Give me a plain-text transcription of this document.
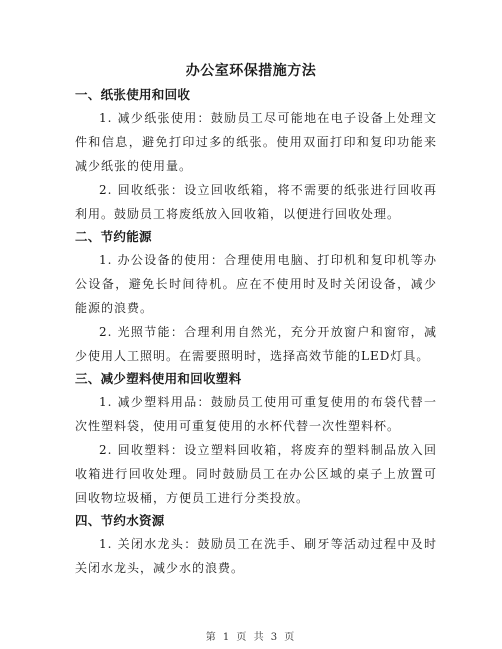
办公室环保措施方法

一、纸张使用和回收

1. 减少纸张使用：鼓励员工尽可能地在电子设备上处理文件和信息，避免打印过多的纸张。使用双面打印和复印功能来减少纸张的使用量。

2. 回收纸张：设立回收纸箱，将不需要的纸张进行回收再利用。鼓励员工将废纸放入回收箱，以便进行回收处理。

二、节约能源

1. 办公设备的使用：合理使用电脑、打印机和复印机等办公设备，避免长时间待机。应在不使用时及时关闭设备，减少能源的浪费。

2. 光照节能：合理利用自然光，充分开放窗户和窗帘，减少使用人工照明。在需要照明时，选择高效节能的LED灯具。

三、减少塑料使用和回收塑料

1. 减少塑料用品：鼓励员工使用可重复使用的布袋代替一次性塑料袋，使用可重复使用的水杯代替一次性塑料杯。

2. 回收塑料：设立塑料回收箱，将废弃的塑料制品放入回收箱进行回收处理。同时鼓励员工在办公区域的桌子上放置可回收物垃圾桶，方便员工进行分类投放。

四、节约水资源

1. 关闭水龙头：鼓励员工在洗手、刷牙等活动过程中及时关闭水龙头，减少水的浪费。

第 1 页 共 3 页
